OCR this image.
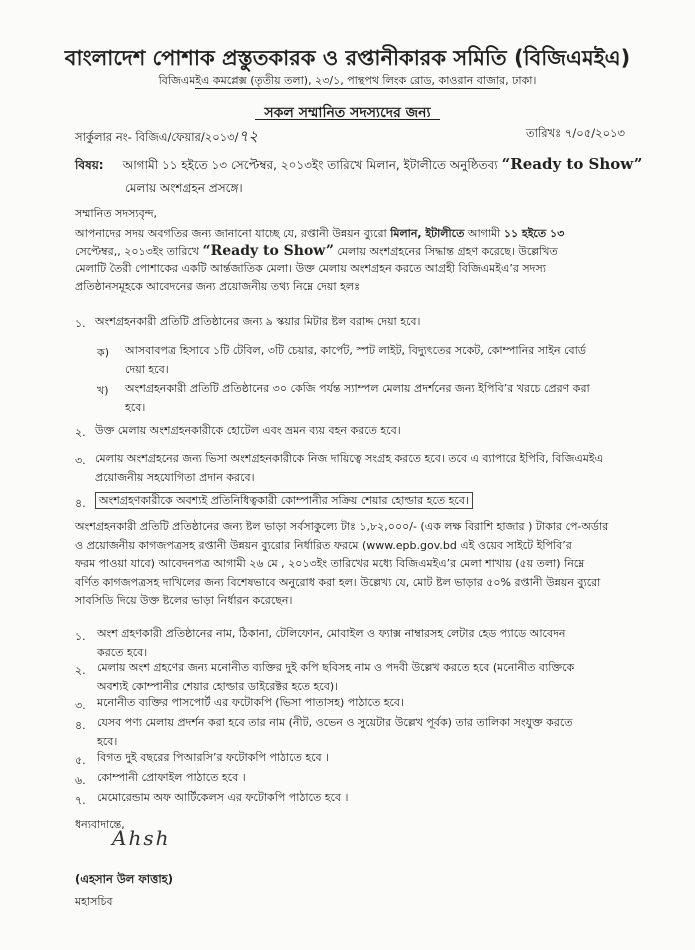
বাংলাদেশ পোশাক প্রস্তুতকারক ও রপ্তানীকারক সমিতি (বিজিএমইএ)
বিজিএমইএ কমপ্লেক্স (তৃতীয় তলা), ২৩/১, পান্থপথ লিংক রোড, কাওরান বাজার, ঢাকা।
সকল সম্মানিত সদস্যদের জন্য
সার্কুলার নং- বিজিএ/ফেয়ার/২০১৩/৭২	তারিখঃ ৭/০৫/২০১৩
বিষয়: আগামী ১১ হইতে ১৩ সেপ্টেম্বর, ২০১৩ইং তারিখে মিলান, ইটালীতে অনুষ্ঠিতব্য “Ready to Show”
মেলায় অংশগ্রহন প্রসঙ্গে।
সম্মানিত সদস্যবৃন্দ,
আপনাদের সদয় অবগতির জন্য জানানো যাচ্ছে যে, রপ্তানী উন্নয়ন ব্যুরো মিলান, ইটালীতে আগামী ১১ হইতে ১৩
সেপ্টেম্বর,, ২০১৩ইং তারিখে “Ready to Show” মেলায় অংশগ্রহনের সিদ্ধান্ত গ্রহণ করেছে। উল্লেখিত
মেলাটি তৈরী পোশাকের একটি আর্ন্তজাতিক মেলা। উক্ত মেলায় অংশগ্রহন করতে আগ্রহী বিজিএমইএ’র সদস্য
প্রতিষ্ঠানসমূহকে আবেদনের জন্য প্রয়োজনীয় তথ্য নিম্নে দেয়া হলঃ
১. অংশগ্রহনকারী প্রতিটি প্রতিষ্ঠানের জন্য ৯ স্কয়ার মিটার ষ্টল বরাদ্দ দেয়া হবে।
ক) আসবাবপত্র হিসাবে ১টি টেবিল, ৩টি চেয়ার, কার্পেট, স্পট লাইট, বিদ্যুৎতের সকেট, কোম্পানির সাইন বোর্ড
দেয়া হবে।
খ) অংশগ্রহনকারী প্রতিটি প্রতিষ্ঠানের ৩০ কেজি পর্যন্ত স্যাম্পল মেলায় প্রদর্শনের জন্য ইপিবি’র খরচে প্রেরণ করা
হবে।
২. উক্ত মেলায় অংশগ্রহনকারীকে হোটেল এবং ভ্রমন ব্যয় বহন করতে হবে।
৩. মেলায় অংশগ্রহনের জন্য ভিসা অংশগ্রহনকারীকে নিজ দায়িত্বে সংগ্রহ করতে হবে। তবে এ ব্যাপারে ইপিবি, বিজিএমইএ
প্রয়োজনীয় সহযোগিতা প্রদান করবে।
৪.	অংশগ্রহণকারীকে অবশ্যই প্রতিনিধিত্বকারী কোম্পানীর সক্রিয় শেয়ার হোল্ডার হতে হবে।
অংশগ্রহনকারী প্রতিটি প্রতিষ্ঠানের জন্য ষ্টল ভাড়া সর্বসাকুল্যে টাঃ ১,৮২,০০০/- (এক লক্ষ বিরাশি হাজার ) টাকার পে-অর্ডার
ও প্রয়োজনীয় কাগজপত্রসহ রপ্তানী উন্নয়ন ব্যুরোর নির্ধারিত ফরমে (www.epb.gov.bd এই ওয়েব সাইটে ইপিবি’র
ফরম পাওয়া যাবে) আবেদনপত্র আগামী ২৬ মে , ২০১৩ইং তারিখের মধ্যে বিজিএমইএ’র মেলা শাখায় (৫য় তলা) নিম্নে
বর্ণিত কাগজপত্রসহ দাখিলের জন্য বিশেষভাবে অনুরোধ করা হল। উল্লেখ্য যে, মোট ষ্টল ভাড়ার ৫০% রপ্তানী উন্নয়ন ব্যুরো
সাবসিডি দিয়ে উক্ত ষ্টলের ভাড়া নির্ধারন করেছেন।
১. অংশ গ্রহণকারী প্রতিষ্ঠানের নাম, ঠিকানা, টেলিফোন, মোবাইল ও ফ্যাক্স নাম্বারসহ লেটার হেড প্যাডে আবেদন
করতে হবে।
২. মেলায় অংশ গ্রহণের জন্য মনোনীত ব্যক্তির দুই কপি ছবিসহ নাম ও পদবী উল্লেখ করতে হবে (মনোনীত ব্যক্তিকে
অবশ্যই কোম্পানীর শেয়ার হোল্ডার ডাইরেক্টর হতে হবে)।
৩. মনোনীত ব্যক্তির পাসপোর্ট এর ফটোকপি (ভিসা পাতাসহ) পাঠাতে হবে।
৪. যেসব পণ্য মেলায় প্রদর্শন করা হবে তার নাম (নীট, ওভেন ও সুয়েটার উল্লেখ পূর্বক) তার তালিকা সংযুক্ত করতে
হবে।
৫. বিগত দুই বছরের পিআরসি’র ফটোকপি পাঠাতে হবে ।
৬. কোম্পানী প্রোফাইল পাঠাতে হবে ।
৭. মেমোরেন্ডাম অফ আর্টিকেলস এর ফটোকপি পাঠাতে হবে ।
ধন্যবাদান্তে,
Ahsh
(এহসান উল ফাত্তাহ)
মহাসচিব
